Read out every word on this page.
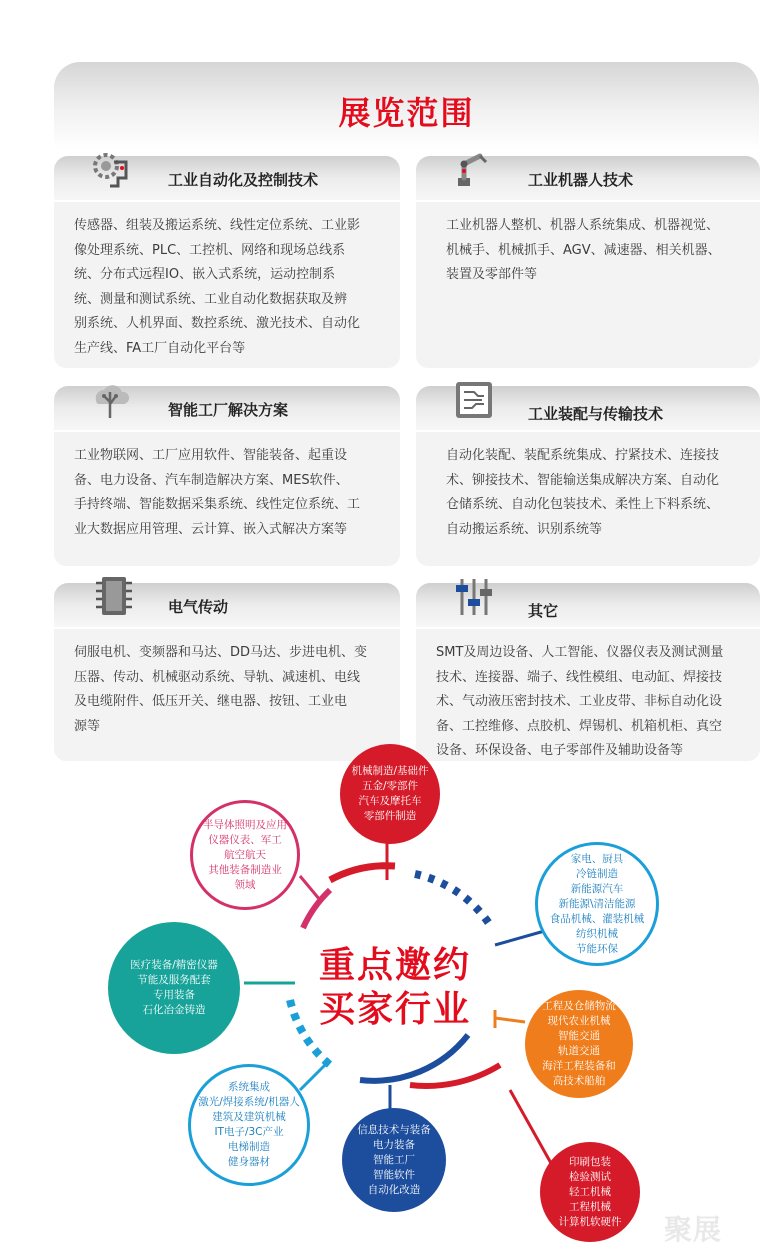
展览范围
工业自动化及控制技术
传感器、组装及搬运系统、线性定位系统、工业影
像处理系统、PLC、工控机、网络和现场总线系
统、分布式远程IO、嵌入式系统，运动控制系
统、测量和测试系统、工业自动化数据获取及辨
别系统、人机界面、数控系统、激光技术、自动化
生产线、FA工厂自动化平台等
工业机器人技术
工业机器人整机、机器人系统集成、机器视觉、
机械手、机械抓手、AGV、减速器、相关机器、
装置及零部件等
智能工厂解决方案
工业物联网、工厂应用软件、智能装备、起重设
备、电力设备、汽车制造解决方案、MES软件、
手持终端、智能数据采集系统、线性定位系统、工
业大数据应用管理、云计算、嵌入式解决方案等
工业装配与传输技术
自动化装配、装配系统集成、拧紧技术、连接技
术、铆接技术、智能输送集成解决方案、自动化
仓储系统、自动化包装技术、柔性上下料系统、
自动搬运系统、识别系统等
电气传动
伺服电机、变频器和马达、DD马达、步进电机、变
压器、传动、机械驱动系统、导轨、减速机、电线
及电缆附件、低压开关、继电器、按钮、工业电
源等
其它
SMT及周边设备、人工智能、仪器仪表及测试测量
技术、连接器、端子、线性模组、电动缸、焊接技
术、气动液压密封技术、工业皮带、非标自动化设
备、工控维修、点胶机、焊锡机、机箱机柜、真空
设备、环保设备、电子零部件及辅助设备等
重点邀约
买家行业
机械制造/基础件
五金/零部件
汽车及摩托车
零部件制造
家电、厨具
冷链制造
新能源汽车
新能源\清洁能源
食品机械、灌装机械
纺织机械
节能环保
工程及仓储物流
现代农业机械
智能交通
轨道交通
海洋工程装备和
高技术船舶
印刷包装
检验测试
轻工机械
工程机械
计算机软硬件
信息技术与装备
电力装备
智能工厂
智能软件
自动化改造
系统集成
激光/焊接系统/机器人
建筑及建筑机械
IT电子/3C产业
电梯制造
健身器材
医疗装备/精密仪器
节能及服务配套
专用装备
石化冶金铸造
半导体照明及应用
仪器仪表、军工
航空航天
其他装备制造业
领域
聚展
